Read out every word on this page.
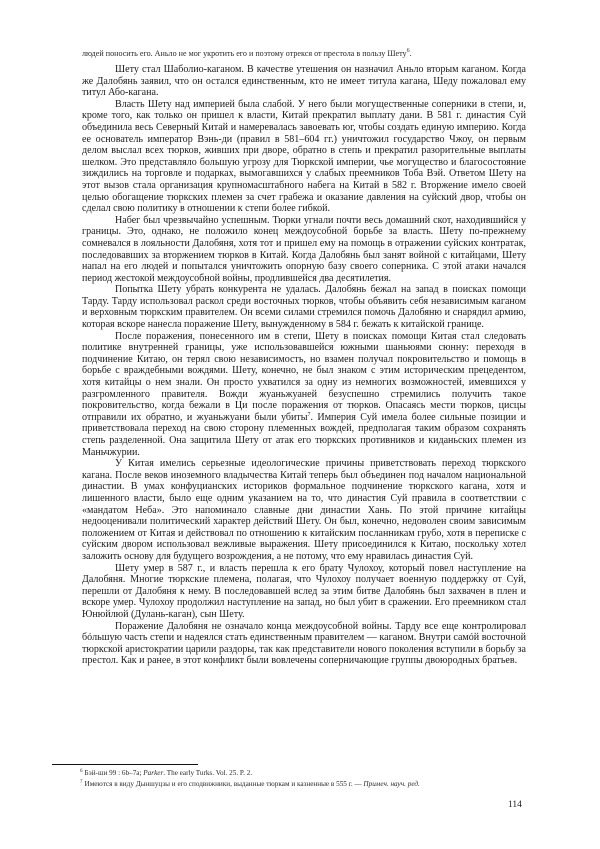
людей поносить его. Аньло не мог укротить его и поэтому отрекся от престола в пользу Шету$^6$.

Шету стал Шаболио-каганом. В качестве утешения он назначил Аньло вторым каганом. Когда же Далобянь заявил, что он остался единственным, кто не имеет титула кагана, Шеду пожаловал ему титул Або-кагана.

Власть Шету над империей была слабой. У него были могущественные соперники в степи, и, кроме того, как только он пришел к власти, Китай прекратил выплату дани. В 581 г. династия Суй объединила весь Северный Китай и намеревалась завоевать юг, чтобы создать единую империю. Когда ее основатель император Вэнь-ди (правил в 581–604 гг.) уничтожил государство Чжоу, он первым делом выслал всех тюрков, живших при дворе, обратно в степь и прекратил разорительные выплаты шелком. Это представляло большую угрозу для Тюркской империи, чье могущество и благосостояние зиждились на торговле и подарках, вымогавшихся у слабых преемников Тоба Вэй. Ответом Шету на этот вызов стала организация крупномасштабного набега на Китай в 582 г. Вторжение имело своей целью обогащение тюркских племен за счет грабежа и оказание давления на суйский двор, чтобы он сделал свою политику в отношении к степи более гибкой.

Набег был чрезвычайно успешным. Тюрки угнали почти весь домашний скот, находившийся у границы. Это, однако, не положило конец междоусобной борьбе за власть. Шету по-прежнему сомневался в лояльности Далобяня, хотя тот и пришел ему на помощь в отражении суйских контратак, последовавших за вторжением тюрков в Китай. Когда Далобянь был занят войной с китайцами, Шету напал на его людей и попытался уничтожить опорную базу своего соперника. С этой атаки начался период жестокой междоусобной войны, продлившейся два десятилетия.

Попытка Шету убрать конкурента не удалась. Далобянь бежал на запад в поисках помощи Тарду. Тарду использовал раскол среди восточных тюрков, чтобы объявить себя независимым каганом и верховным тюркским правителем. Он всеми силами стремился помочь Далобяню и снарядил армию, которая вскоре нанесла поражение Шету, вынужденному в 584 г. бежать к китайской границе.

После поражения, понесенного им в степи, Шету в поисках помощи Китая стал следовать политике внутренней границы, уже использовавшейся южными шаньюями сюнну: переходя в подчинение Китаю, он терял свою независимость, но взамен получал покровительство и помощь в борьбе с враждебными вождями. Шету, конечно, не был знаком с этим историческим прецедентом, хотя китайцы о нем знали. Он просто ухватился за одну из немногих возможностей, имевшихся у разгромленного правителя. Вожди жуаньжуаней безуспешно стремились получить такое покровительство, когда бежали в Ци после поражения от тюрков. Опасаясь мести тюрков, цисцы отправили их обратно, и жуаньжуани были убиты$^7$. Империя Суй имела более сильные позиции и приветствовала переход на свою сторону племенных вождей, предполагая таким образом сохранять степь разделенной. Она защитила Шету от атак его тюркских противников и киданьских племен из Маньчжурии.

У Китая имелись серьезные идеологические причины приветствовать переход тюркского кагана. После веков иноземного владычества Китай теперь был объединен под началом национальной династии. В умах конфуцианских историков формальное подчинение тюркского кагана, хотя и лишенного власти, было еще одним указанием на то, что династия Суй правила в соответствии с «мандатом Неба». Это напоминало славные дни династии Хань. По этой причине китайцы недооценивали политический характер действий Шету. Он был, конечно, недоволен своим зависимым положением от Китая и действовал по отношению к китайским посланникам грубо, хотя в переписке с суйским двором использовал вежливые выражения. Шету присоединился к Китаю, поскольку хотел заложить основу для будущего возрождения, а не потому, что ему нравилась династия Суй.

Шету умер в 587 г., и власть перешла к его брату Чулохоу, который повел наступление на Далобяня. Многие тюркские племена, полагая, что Чулохоу получает военную поддержку от Суй, перешли от Далобяня к нему. В последовавшей вслед за этим битве Далобянь был захвачен в плен и вскоре умер. Чулохоу продолжил наступление на запад, но был убит в сражении. Его преемником стал Юнюйлюй (Дулань-каган), сын Шету.

Поражение Далобяня не означало конца междоусобной войны. Тарду все еще контролировал бóльшую часть степи и надеялся стать единственным правителем — каганом. Внутри самóй восточной тюркской аристократии царили раздоры, так как представители нового поколения вступили в борьбу за престол. Как и ранее, в этот конфликт были вовлечены соперничающие группы двоюродных братьев.

$^6$ Бэй-ши 99 : 6b–7a; Parker. The early Turks. Vol. 25. P. 2.

$^7$ Имеются в виду Дыншуцзы и его сподвижники, выданные тюркам и казненные в 555 г. — Примеч. науч. ред.

114
